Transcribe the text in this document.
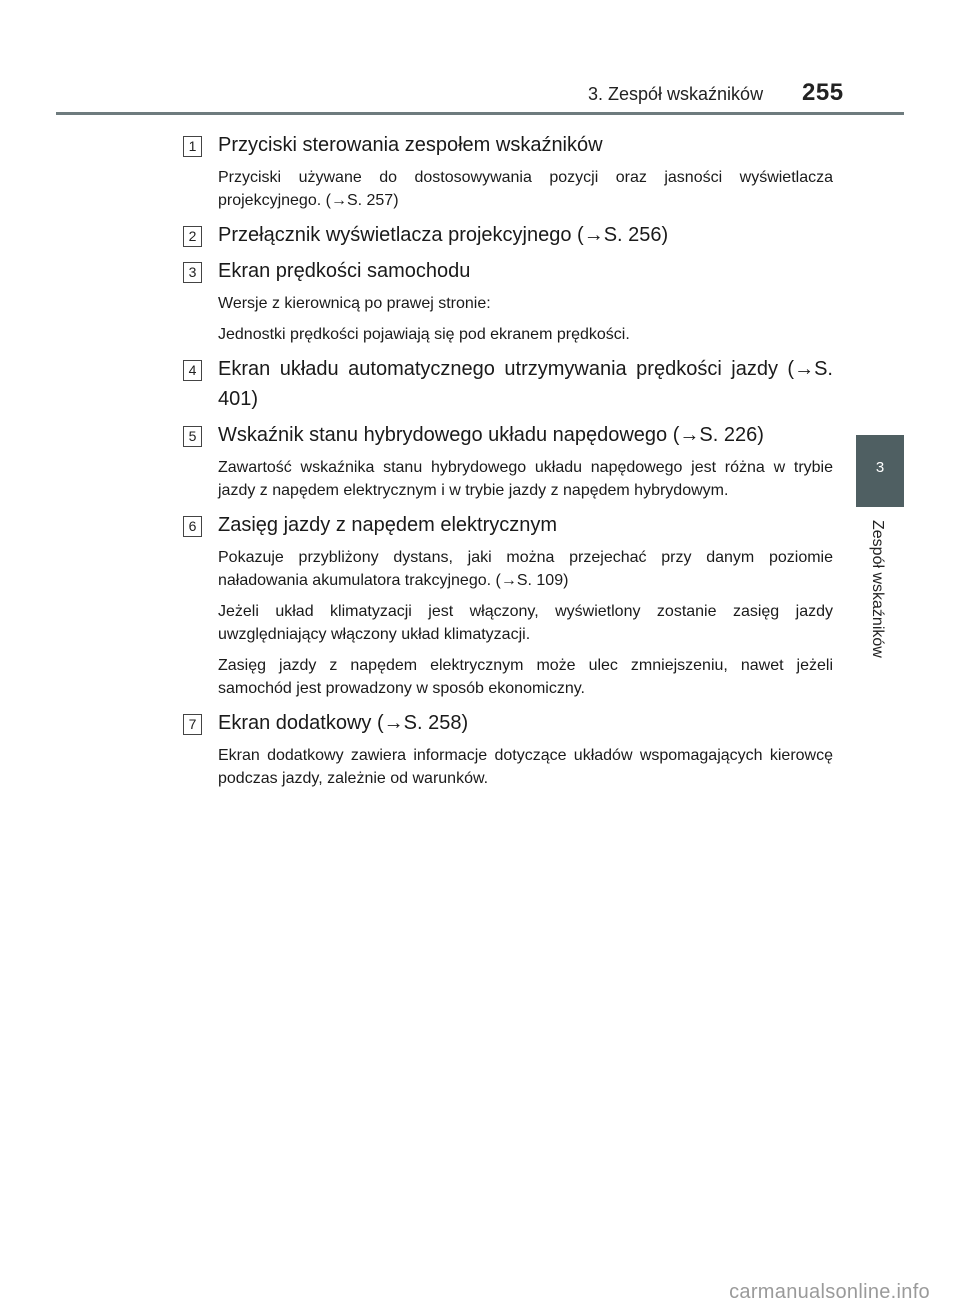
3. Zespół wskaźników 255
3
Zespół wskaźników
1 Przyciski sterowania zespołem wskaźników
Przyciski używane do dostosowywania pozycji oraz jasności wyświetlacza projekcyjnego. (→S. 257)
2 Przełącznik wyświetlacza projekcyjnego (→S. 256)
3 Ekran prędkości samochodu
Wersje z kierownicą po prawej stronie:
Jednostki prędkości pojawiają się pod ekranem prędkości.
4 Ekran układu automatycznego utrzymywania prędkości jazdy (→S. 401)
5 Wskaźnik stanu hybrydowego układu napędowego (→S. 226)
Zawartość wskaźnika stanu hybrydowego układu napędowego jest różna w trybie jazdy z napędem elektrycznym i w trybie jazdy z napędem hybrydowym.
6 Zasięg jazdy z napędem elektrycznym
Pokazuje przybliżony dystans, jaki można przejechać przy danym poziomie naładowania akumulatora trakcyjnego. (→S. 109)
Jeżeli układ klimatyzacji jest włączony, wyświetlony zostanie zasięg jazdy uwzględniający włączony układ klimatyzacji.
Zasięg jazdy z napędem elektrycznym może ulec zmniejszeniu, nawet jeżeli samochód jest prowadzony w sposób ekonomiczny.
7 Ekran dodatkowy (→S. 258)
Ekran dodatkowy zawiera informacje dotyczące układów wspomagających kierowcę podczas jazdy, zależnie od warunków.
carmanualsonline.info
